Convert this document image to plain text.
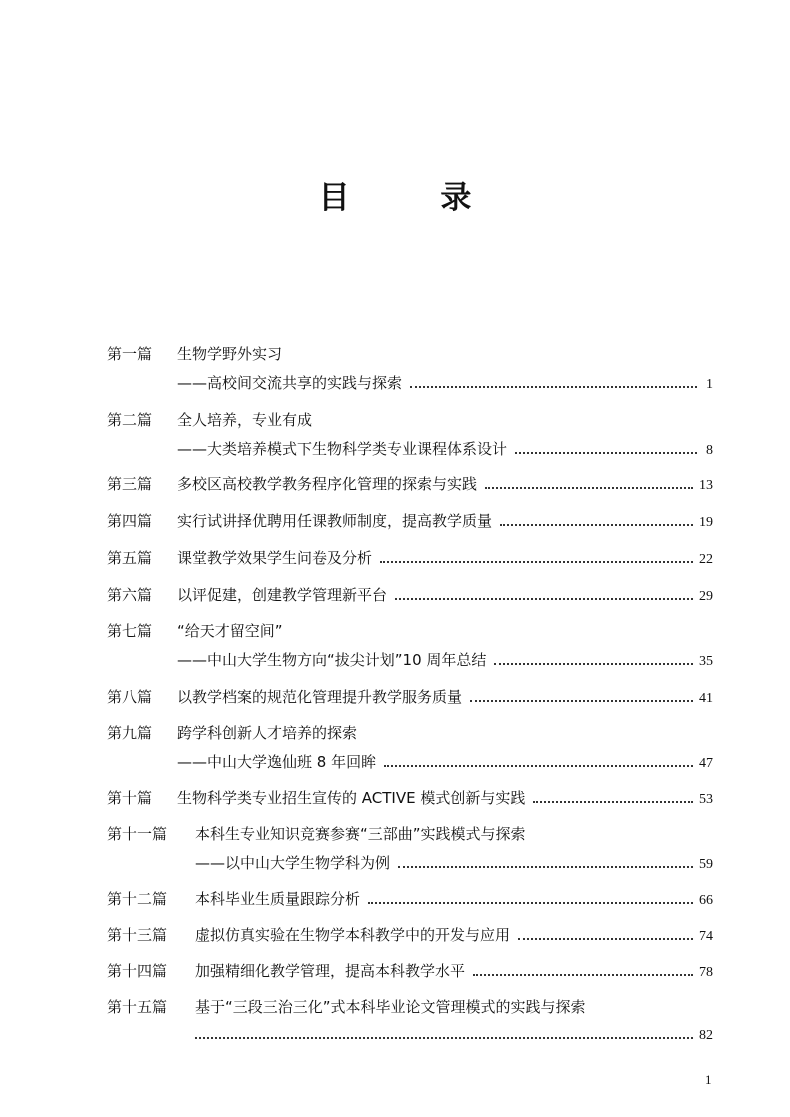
目 录
第一篇	生物学野外实习
——高校间交流共享的实践与探索	1
第二篇	全人培养，专业有成
——大类培养模式下生物科学类专业课程体系设计	8
第三篇	多校区高校教学教务程序化管理的探索与实践	13
第四篇	实行试讲择优聘用任课教师制度，提高教学质量	19
第五篇	课堂教学效果学生问卷及分析	22
第六篇	以评促建，创建教学管理新平台	29
第七篇	“给天才留空间”
——中山大学生物方向“拔尖计划”10 周年总结	35
第八篇	以教学档案的规范化管理提升教学服务质量	41
第九篇	跨学科创新人才培养的探索
——中山大学逸仙班 8 年回眸	47
第十篇	生物科学类专业招生宣传的 ACTIVE 模式创新与实践	53
第十一篇	本科生专业知识竞赛参赛“三部曲”实践模式与探索
——以中山大学生物学科为例	59
第十二篇	本科毕业生质量跟踪分析	66
第十三篇	虚拟仿真实验在生物学本科教学中的开发与应用	74
第十四篇	加强精细化教学管理，提高本科教学水平	78
第十五篇	基于“三段三治三化”式本科毕业论文管理模式的实践与探索
82
1
